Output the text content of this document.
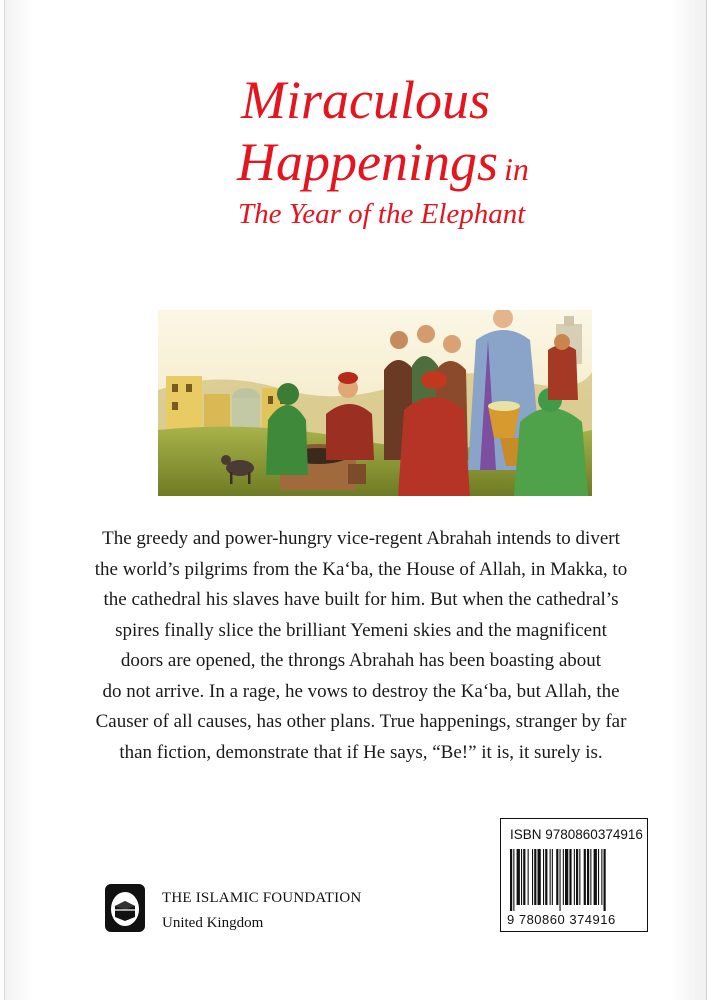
Miraculous
Happenings in
The Year of the Elephant
The greedy and power-hungry vice-regent Abrahah intends to divert
the world’s pilgrims from the Ka‘ba, the House of Allah, in Makka, to
the cathedral his slaves have built for him. But when the cathedral’s
spires finally slice the brilliant Yemeni skies and the magnificent
doors are opened, the throngs Abrahah has been boasting about
do not arrive. In a rage, he vows to destroy the Ka‘ba, but Allah, the
Causer of all causes, has other plans. True happenings, stranger by far
than fiction, demonstrate that if He says, “Be!” it is, it surely is.
THE ISLAMIC FOUNDATION
United Kingdom
ISBN 9780860374916
9 780860 374916
